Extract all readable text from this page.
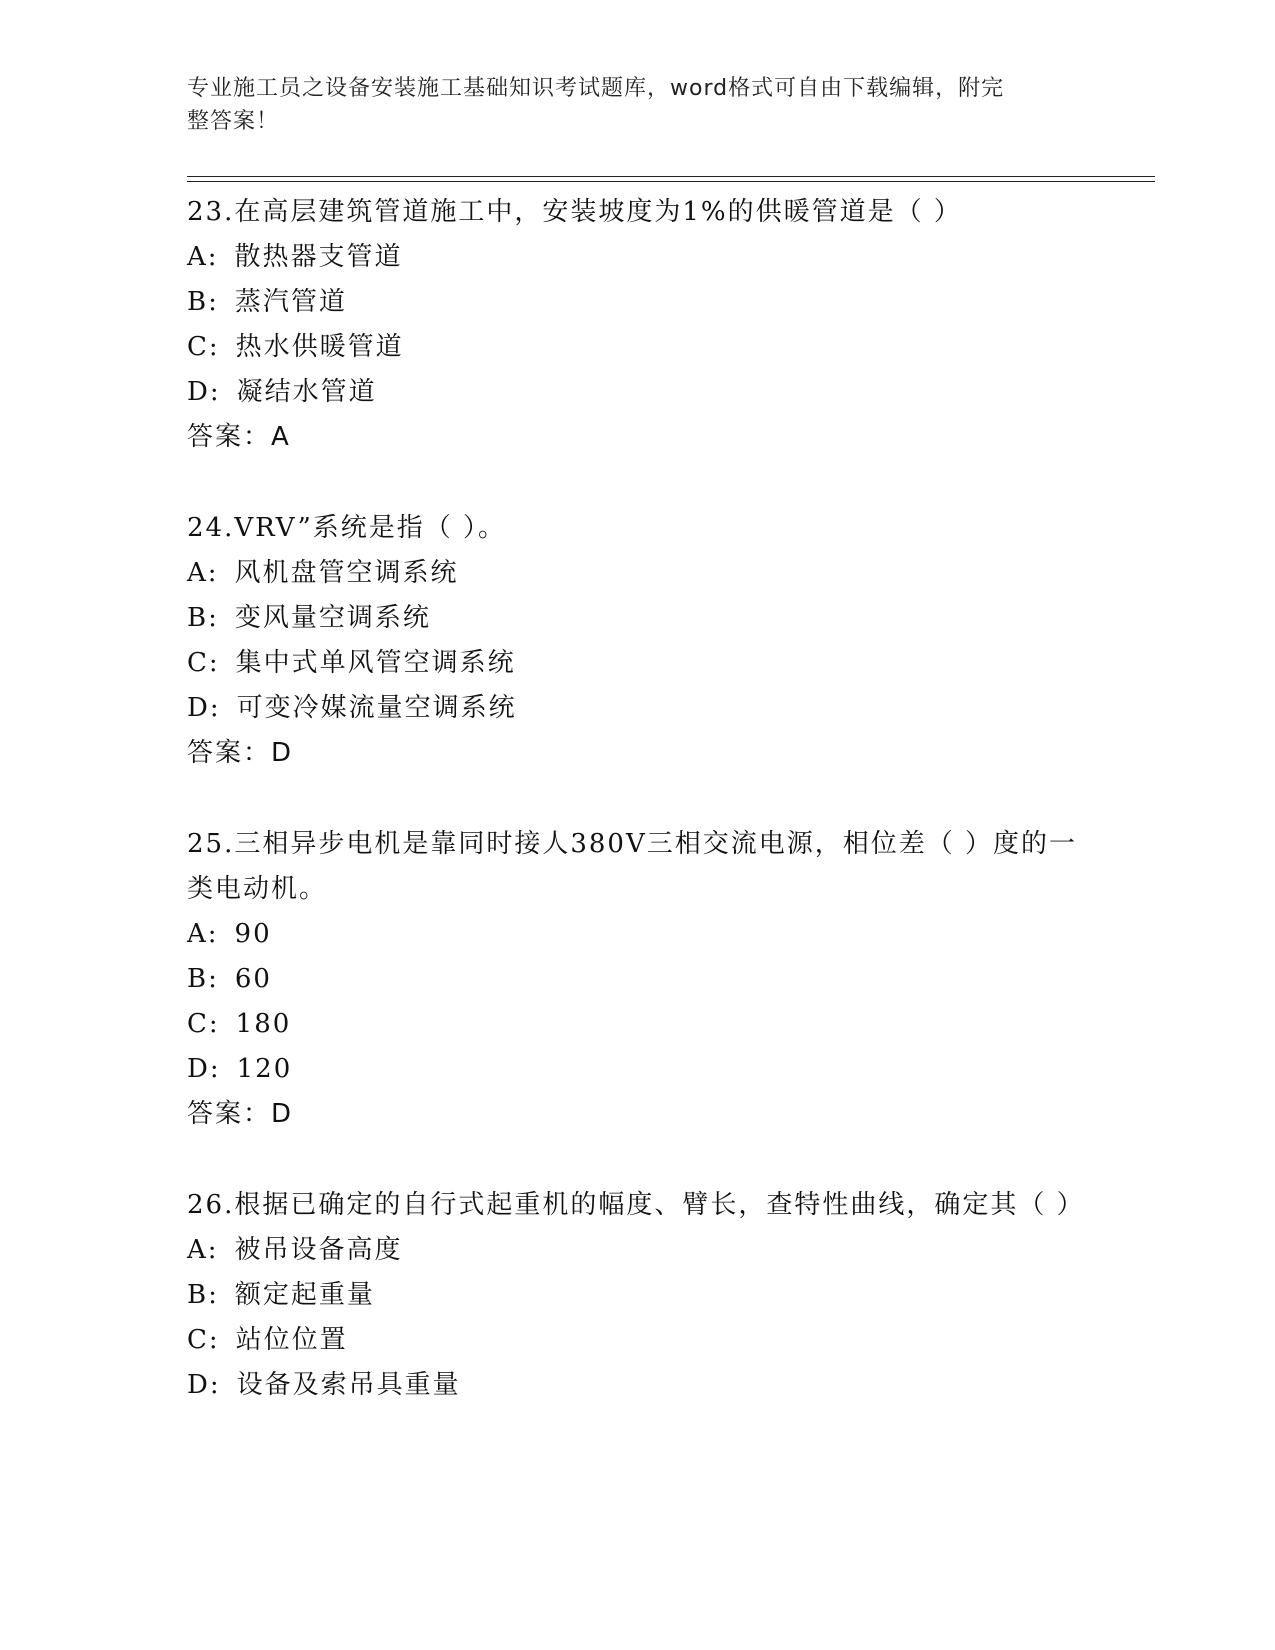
专业施工员之设备安装施工基础知识考试题库，word格式可自由下载编辑，附完
整答案！
23.在高层建筑管道施工中，安装坡度为1%的供暖管道是（ ）
A: 散热器支管道
B: 蒸汽管道
C: 热水供暖管道
D: 凝结水管道
答案：A
24.VRV”系统是指（ ）。
A: 风机盘管空调系统
B: 变风量空调系统
C: 集中式单风管空调系统
D: 可变冷媒流量空调系统
答案：D
25.三相异步电机是靠同时接人380V三相交流电源，相位差（ ）度的一类电动机。
A: 90
B: 60
C: 180
D: 120
答案：D
26.根据已确定的自行式起重机的幅度、臂长，查特性曲线，确定其（ ）
A: 被吊设备高度
B: 额定起重量
C: 站位位置
D: 设备及索吊具重量
